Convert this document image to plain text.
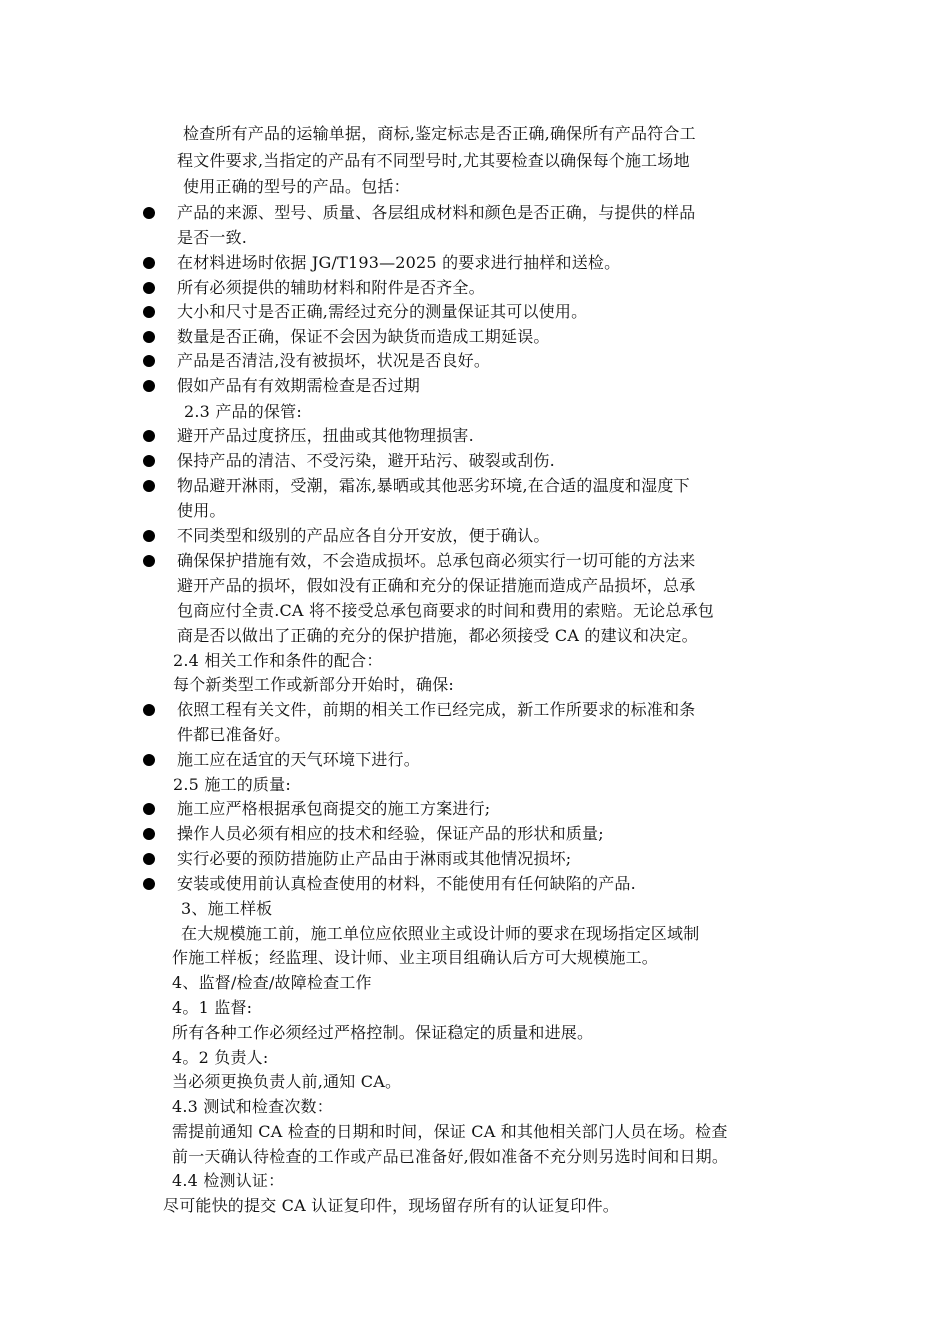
检查所有产品的运输单据，商标,鉴定标志是否正确,确保所有产品符合工
程文件要求,当指定的产品有不同型号时,尤其要检查以确保每个施工场地
使用正确的型号的产品。包括：
产品的来源、型号、质量、各层组成材料和颜色是否正确，与提供的样品
是否一致.
在材料进场时依据 JG/T193—2025 的要求进行抽样和送检。
所有必须提供的辅助材料和附件是否齐全。
大小和尺寸是否正确,需经过充分的测量保证其可以使用。
数量是否正确，保证不会因为缺货而造成工期延误。
产品是否清洁,没有被损坏，状况是否良好。
假如产品有有效期需检查是否过期
2.3 产品的保管:
避开产品过度挤压，扭曲或其他物理损害.
保持产品的清洁、不受污染，避开玷污、破裂或刮伤.
物品避开淋雨，受潮，霜冻,暴晒或其他恶劣环境,在合适的温度和湿度下
使用。
不同类型和级别的产品应各自分开安放，便于确认。
确保保护措施有效，不会造成损坏。总承包商必须实行一切可能的方法来
避开产品的损坏，假如没有正确和充分的保证措施而造成产品损坏，总承
包商应付全责.CA 将不接受总承包商要求的时间和费用的索赔。无论总承包
商是否以做出了正确的充分的保护措施，都必须接受 CA 的建议和决定。
2.4 相关工作和条件的配合：
每个新类型工作或新部分开始时，确保:
依照工程有关文件，前期的相关工作已经完成，新工作所要求的标准和条
件都已准备好。
施工应在适宜的天气环境下进行。
2.5 施工的质量:
施工应严格根据承包商提交的施工方案进行;
操作人员必须有相应的技术和经验，保证产品的形状和质量;
实行必要的预防措施防止产品由于淋雨或其他情况损坏;
安装或使用前认真检查使用的材料，不能使用有任何缺陷的产品.
3、施工样板
在大规模施工前，施工单位应依照业主或设计师的要求在现场指定区域制
作施工样板；经监理、设计师、业主项目组确认后方可大规模施工。
4、监督/检查/故障检查工作
4。1 监督:
所有各种工作必须经过严格控制。保证稳定的质量和进展。
4。2 负责人:
当必须更换负责人前,通知 CA。
4.3 测试和检查次数：
需提前通知 CA 检查的日期和时间，保证 CA 和其他相关部门人员在场。检查
前一天确认待检查的工作或产品已准备好,假如准备不充分则另选时间和日期。
4.4 检测认证：
尽可能快的提交 CA 认证复印件，现场留存所有的认证复印件。
